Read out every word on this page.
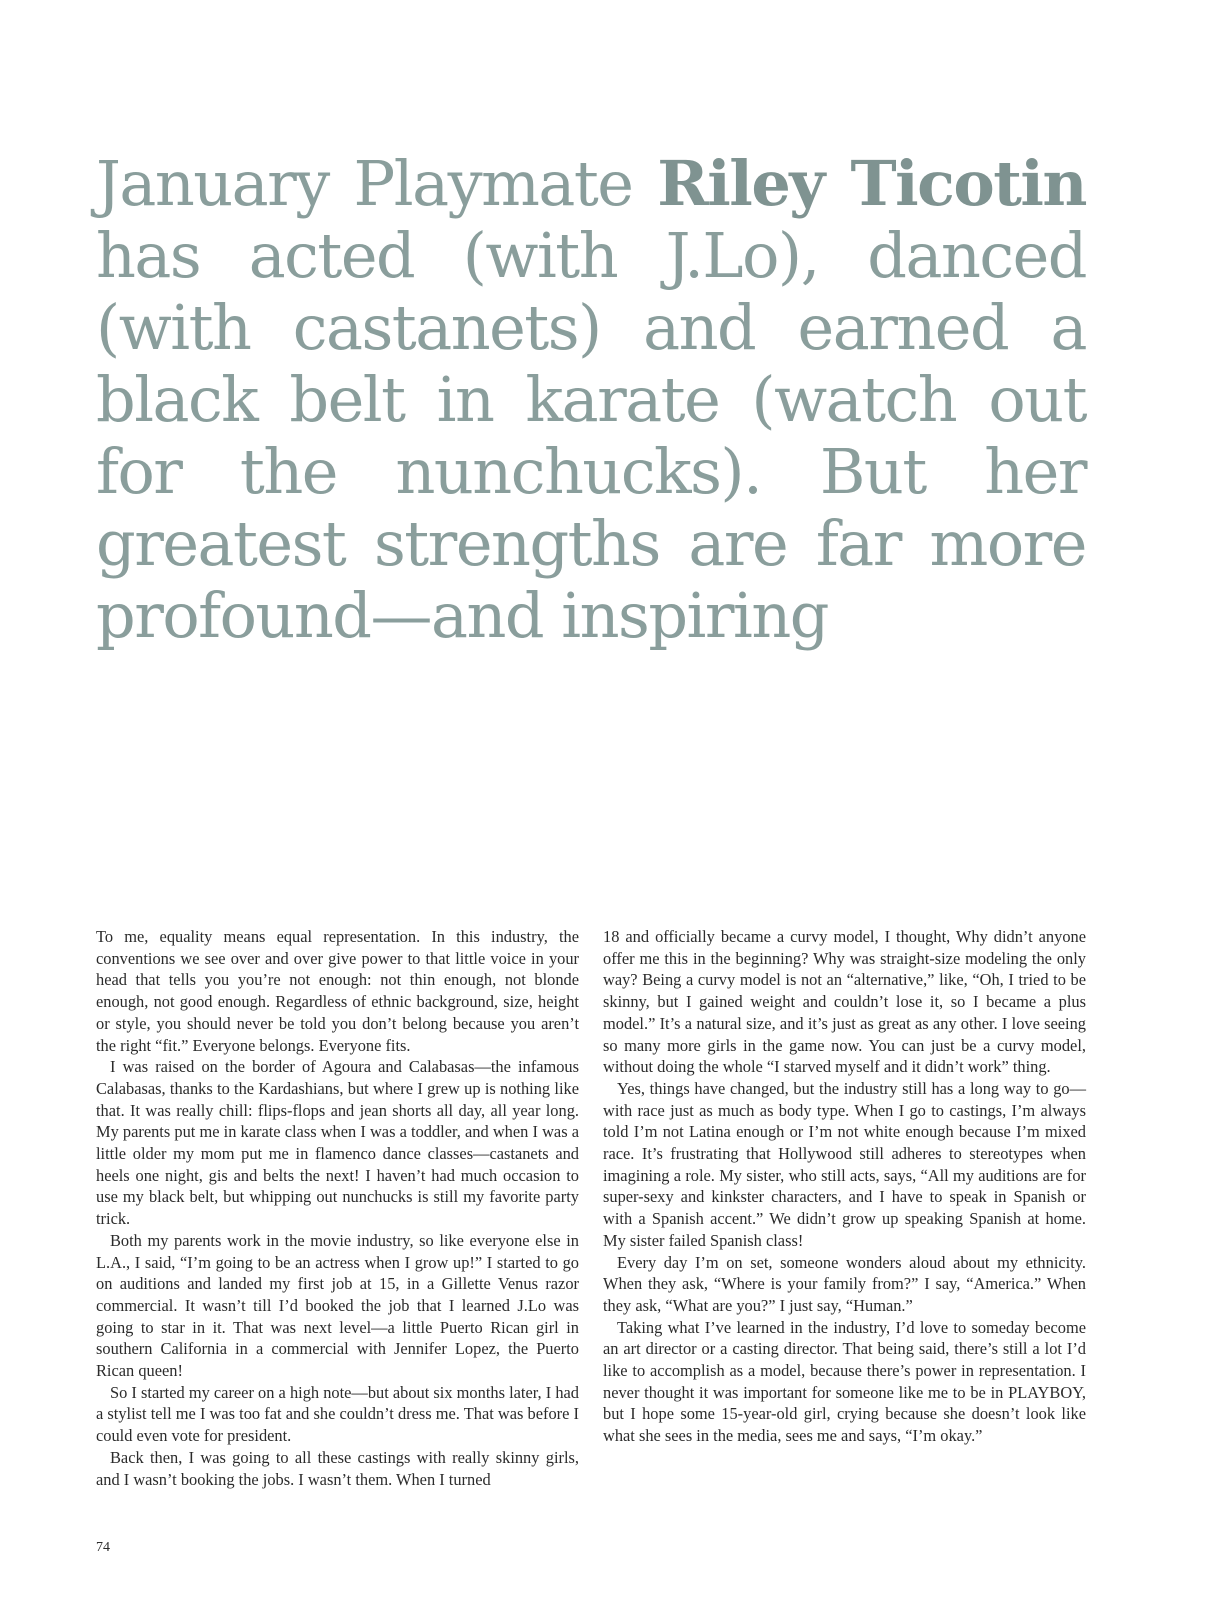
January Playmate Riley Ticotin has acted (with J.Lo), danced (with castanets) and earned a black belt in karate (watch out for the nunchucks). But her greatest strengths are far more profound—and inspiring

To me, equality means equal representation. In this industry, the conventions we see over and over give power to that little voice in your head that tells you you’re not enough: not thin enough, not blonde enough, not good enough. Regardless of ethnic background, size, height or style, you should never be told you don’t belong because you aren’t the right “fit.” Everyone belongs. Everyone fits.

I was raised on the border of Agoura and Calabasas—the infamous Calabasas, thanks to the Kardashians, but where I grew up is nothing like that. It was really chill: flips-flops and jean shorts all day, all year long. My parents put me in karate class when I was a toddler, and when I was a little older my mom put me in flamenco dance classes—castanets and heels one night, gis and belts the next! I haven’t had much occasion to use my black belt, but whipping out nunchucks is still my favorite party trick.

Both my parents work in the movie industry, so like everyone else in L.A., I said, “I’m going to be an actress when I grow up!” I started to go on auditions and landed my first job at 15, in a Gillette Venus razor commercial. It wasn’t till I’d booked the job that I learned J.Lo was going to star in it. That was next level—a little Puerto Rican girl in southern California in a commercial with Jennifer Lopez, the Puerto Rican queen!

So I started my career on a high note—but about six months later, I had a stylist tell me I was too fat and she couldn’t dress me. That was before I could even vote for president.

Back then, I was going to all these castings with really skinny girls, and I wasn’t booking the jobs. I wasn’t them. When I turned

18 and officially became a curvy model, I thought, Why didn’t anyone offer me this in the beginning? Why was straight-size modeling the only way? Being a curvy model is not an “alternative,” like, “Oh, I tried to be skinny, but I gained weight and couldn’t lose it, so I became a plus model.” It’s a natural size, and it’s just as great as any other. I love seeing so many more girls in the game now. You can just be a curvy model, without doing the whole “I starved myself and it didn’t work” thing.

Yes, things have changed, but the industry still has a long way to go—with race just as much as body type. When I go to castings, I’m always told I’m not Latina enough or I’m not white enough because I’m mixed race. It’s frustrating that Hollywood still adheres to stereotypes when imagining a role. My sister, who still acts, says, “All my auditions are for super-sexy and kinkster characters, and I have to speak in Spanish or with a Spanish accent.” We didn’t grow up speaking Spanish at home. My sister failed Spanish class!

Every day I’m on set, someone wonders aloud about my ethnicity. When they ask, “Where is your family from?” I say, “America.” When they ask, “What are you?” I just say, “Human.”

Taking what I’ve learned in the industry, I’d love to someday become an art director or a casting director. That being said, there’s still a lot I’d like to accomplish as a model, because there’s power in representation. I never thought it was important for someone like me to be in PLAYBOY, but I hope some 15-year-old girl, crying because she doesn’t look like what she sees in the media, sees me and says, “I’m okay.”

74
